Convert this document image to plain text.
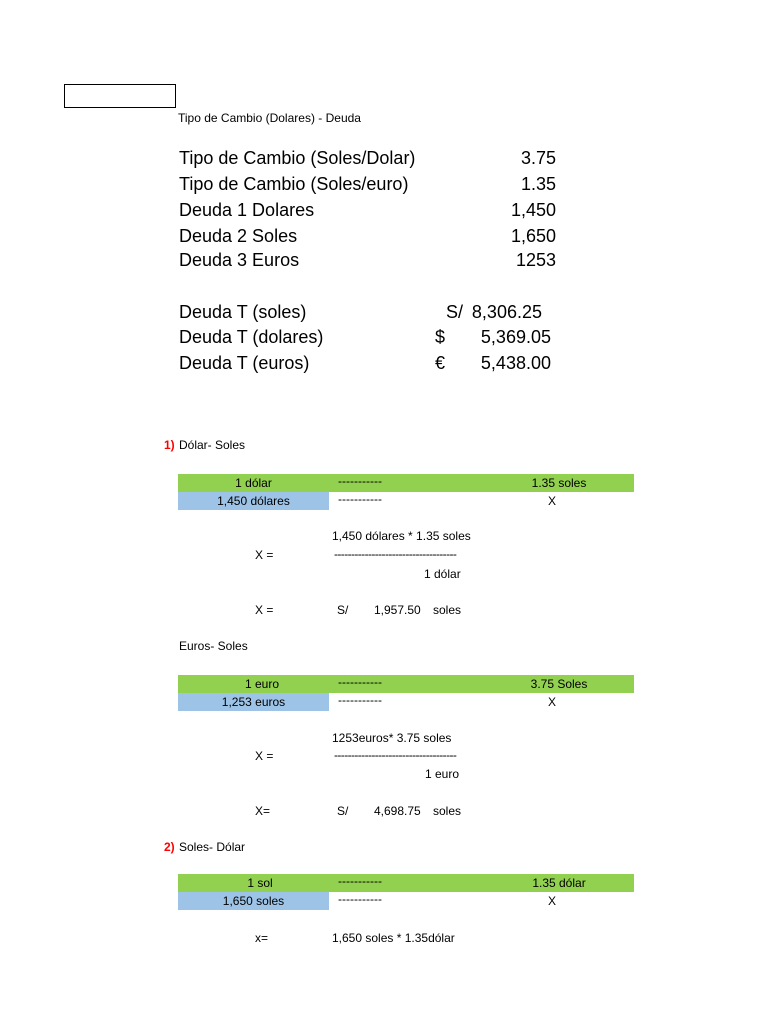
Tipo de Cambio (Dolares) - Deuda
Tipo de Cambio (Soles/Dolar)	3.75
Tipo de Cambio (Soles/euro)	1.35
Deuda 1 Dolares	1,450
Deuda 2 Soles	1,650
Deuda 3 Euros	1253
Deuda T (soles)	S/ 8,306.25
Deuda T (dolares)	$	5,369.05
Deuda T (euros)	€	5,438.00
1) Dólar- Soles
1 dólar	-----------	1.35 soles
1,450 dólares	-----------	X
1,450 dólares * 1.35 soles
X =	------------------------------------
1 dólar
X =	S/ 1,957.50 soles
Euros- Soles
1 euro	-----------	3.75 Soles
1,253 euros	-----------	X
1253euros* 3.75 soles
X =	------------------------------------
1 euro
X=	S/ 4,698.75 soles
2) Soles- Dólar
1 sol	-----------	1.35 dólar
1,650 soles	-----------	X
x=	1,650 soles * 1.35dólar
